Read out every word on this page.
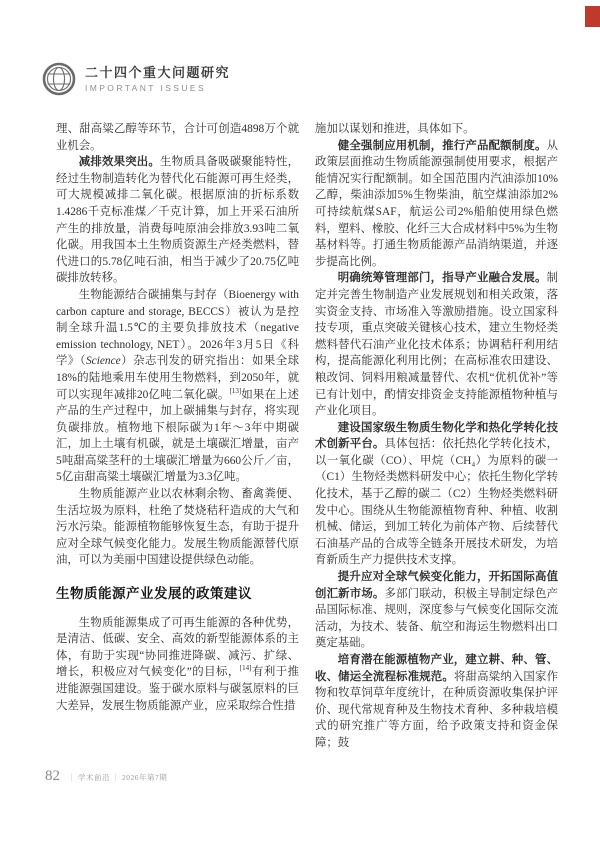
二十四个重大问题研究
IMPORTANT ISSUES

理、甜高粱乙醇等环节，合计可创造4898万个就业机会。

减排效果突出。生物质具备吸碳聚能特性，经过生物制造转化为替代化石能源可再生烃类，可大规模减排二氧化碳。根据原油的折标系数1.4286千克标准煤／千克计算，加上开采石油所产生的排放量，消费每吨原油会排放3.93吨二氧化碳。用我国本土生物质资源生产烃类燃料，替代进口的5.78亿吨石油，相当于减少了20.75亿吨碳排放转移。

生物能源结合碳捕集与封存（Bioenergy with carbon capture and storage, BECCS）被认为是控制全球升温1.5℃的主要负排放技术（negative emission technology, NET）。2026年3月5日《科学》（Science）杂志刊发的研究指出：如果全球18%的陆地乘用车使用生物燃料，到2050年，就可以实现年减排20亿吨二氧化碳。[13]如果在上述产品的生产过程中，加上碳捕集与封存，将实现负碳排放。植物地下根际碳为1年～3年中期碳汇，加上土壤有机碳，就是土壤碳汇增量，亩产5吨甜高粱茎秆的土壤碳汇增量为660公斤／亩，5亿亩甜高粱土壤碳汇增量为3.3亿吨。

生物质能源产业以农林剩余物、畜禽粪便、生活垃圾为原料，杜绝了焚烧秸秆造成的大气和污水污染。能源植物能够恢复生态，有助于提升应对全球气候变化能力。发展生物质能源替代原油，可以为美丽中国建设提供绿色动能。

生物质能源产业发展的政策建议

生物质能源集成了可再生能源的各种优势，是清洁、低碳、安全、高效的新型能源体系的主体，有助于实现“协同推进降碳、减污、扩绿、增长，积极应对气候变化”的目标，[14]有利于推进能源强国建设。鉴于碳水原料与碳氢原料的巨大差异，发展生物质能源产业，应采取综合性措

施加以谋划和推进，具体如下。

健全强制应用机制，推行产品配额制度。从政策层面推动生物质能源强制使用要求，根据产能情况实行配额制。如全国范围内汽油添加10%乙醇，柴油添加5%生物柴油，航空煤油添加2%可持续航煤SAF，航运公司2%船舶使用绿色燃料，塑料、橡胶、化纤三大合成材料中5%为生物基材料等。打通生物质能源产品消纳渠道，并逐步提高比例。

明确统筹管理部门，指导产业融合发展。制定并完善生物制造产业发展规划和相关政策，落实资金支持、市场准入等激励措施。设立国家科技专项，重点突破关键核心技术，建立生物烃类燃料替代石油产业化技术体系；协调秸秆利用结构，提高能源化利用比例；在高标准农田建设、粮改饲、饲料用粮减量替代、农机“优机优补”等已有计划中，酌情安排资金支持能源植物种植与产业化项目。

建设国家级生物质生物化学和热化学转化技术创新平台。具体包括：依托热化学转化技术，以一氧化碳（CO）、甲烷（CH₄）为原料的碳一（C1）生物烃类燃料研发中心；依托生物化学转化技术，基于乙醇的碳二（C2）生物烃类燃料研发中心。围绕从生物能源植物育种、种植、收割机械、储运，到加工转化为前体产物、后续替代石油基产品的合成等全链条开展技术研发，为培育新质生产力提供技术支撑。

提升应对全球气候变化能力，开拓国际高值创汇新市场。多部门联动，积极主导制定绿色产品国际标准、规则，深度参与气候变化国际交流活动，为技术、装备、航空和海运生物燃料出口奠定基础。

培育潜在能源植物产业，建立耕、种、管、收、储运全流程标准规范。将甜高粱纳入国家作物和牧草饲草年度统计，在种质资源收集保护评价、现代常规育种及生物技术育种、多种栽培模式的研究推广等方面，给予政策支持和资金保障；鼓

82 ｜ 学术前沿 ｜ 2026年第7期
